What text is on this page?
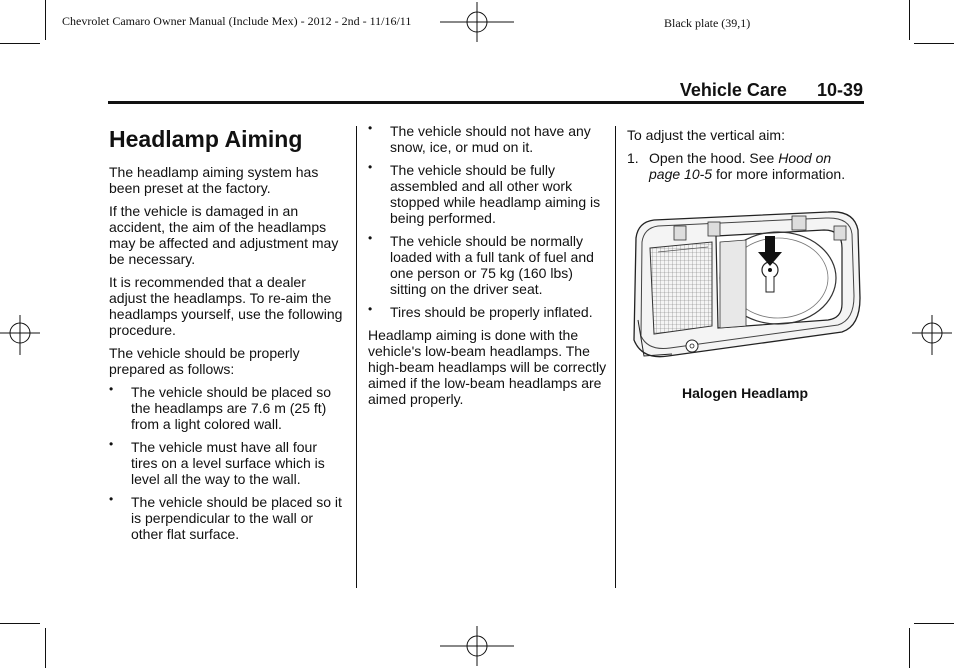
Chevrolet Camaro Owner Manual (Include Mex) - 2012 - 2nd - 11/16/11	Black plate (39,1)
Vehicle Care 10-39
Headlamp Aiming

The headlamp aiming system has been preset at the factory.

If the vehicle is damaged in an accident, the aim of the headlamps may be affected and adjustment may be necessary.

It is recommended that a dealer adjust the headlamps. To re-aim the headlamps yourself, use the following procedure.

The vehicle should be properly prepared as follows:

• The vehicle should be placed so the headlamps are 7.6 m (25 ft) from a light colored wall.
• The vehicle must have all four tires on a level surface which is level all the way to the wall.
• The vehicle should be placed so it is perpendicular to the wall or other flat surface.
• The vehicle should not have any snow, ice, or mud on it.
• The vehicle should be fully assembled and all other work stopped while headlamp aiming is being performed.
• The vehicle should be normally loaded with a full tank of fuel and one person or 75 kg (160 lbs) sitting on the driver seat.
• Tires should be properly inflated.

Headlamp aiming is done with the vehicle's low-beam headlamps. The high-beam headlamps will be correctly aimed if the low-beam headlamps are aimed properly.

To adjust the vertical aim:

1. Open the hood. See Hood on page 10-5 for more information.
Halogen Headlamp
